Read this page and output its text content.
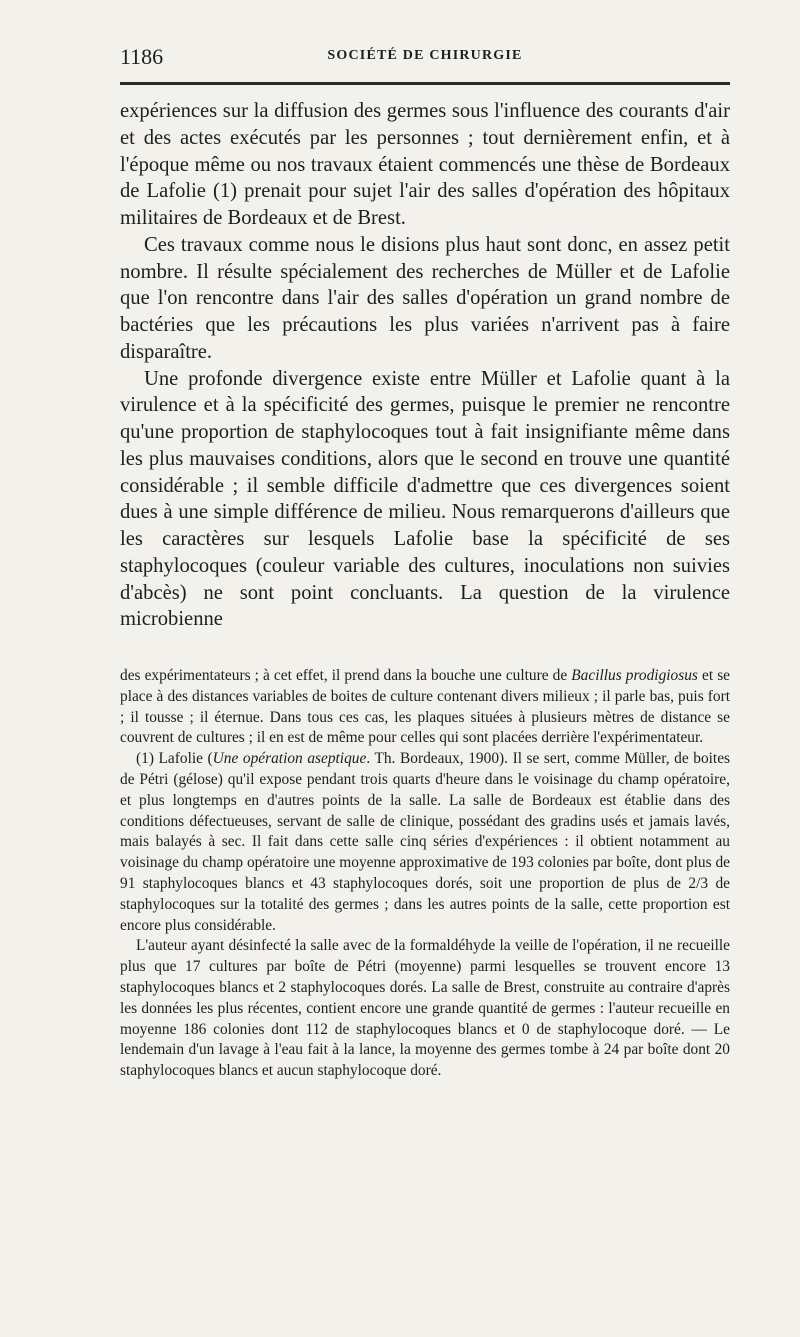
1186	SOCIÉTÉ DE CHIRURGIE

expériences sur la diffusion des germes sous l'influence des courants d'air et des actes exécutés par les personnes ; tout dernièrement enfin, et à l'époque même ou nos travaux étaient commencés une thèse de Bordeaux de Lafolie (1) prenait pour sujet l'air des salles d'opération des hôpitaux militaires de Bordeaux et de Brest.

Ces travaux comme nous le disions plus haut sont donc, en assez petit nombre. Il résulte spécialement des recherches de Müller et de Lafolie que l'on rencontre dans l'air des salles d'opération un grand nombre de bactéries que les précautions les plus variées n'arrivent pas à faire disparaître.

Une profonde divergence existe entre Müller et Lafolie quant à la virulence et à la spécificité des germes, puisque le premier ne rencontre qu'une proportion de staphylocoques tout à fait insignifiante même dans les plus mauvaises conditions, alors que le second en trouve une quantité considérable ; il semble difficile d'admettre que ces divergences soient dues à une simple différence de milieu. Nous remarquerons d'ailleurs que les caractères sur lesquels Lafolie base la spécificité de ses staphylocoques (couleur variable des cultures, inoculations non suivies d'abcès) ne sont point concluants. La question de la virulence microbienne

des expérimentateurs ; à cet effet, il prend dans la bouche une culture de Bacillus prodigiosus et se place à des distances variables de boites de culture contenant divers milieux ; il parle bas, puis fort ; il tousse ; il éternue. Dans tous ces cas, les plaques situées à plusieurs mètres de distance se couvrent de cultures ; il en est de même pour celles qui sont placées derrière l'expérimentateur.

(1) Lafolie (Une opération aseptique. Th. Bordeaux, 1900). Il se sert, comme Müller, de boites de Pétri (gélose) qu'il expose pendant trois quarts d'heure dans le voisinage du champ opératoire, et plus longtemps en d'autres points de la salle. La salle de Bordeaux est établie dans des conditions défectueuses, servant de salle de clinique, possédant des gradins usés et jamais lavés, mais balayés à sec. Il fait dans cette salle cinq séries d'expériences : il obtient notamment au voisinage du champ opératoire une moyenne approximative de 193 colonies par boîte, dont plus de 91 staphylocoques blancs et 43 staphylocoques dorés, soit une proportion de plus de 2/3 de staphylocoques sur la totalité des germes ; dans les autres points de la salle, cette proportion est encore plus considérable.

L'auteur ayant désinfecté la salle avec de la formaldéhyde la veille de l'opération, il ne recueille plus que 17 cultures par boîte de Pétri (moyenne) parmi lesquelles se trouvent encore 13 staphylocoques blancs et 2 staphylocoques dorés. La salle de Brest, construite au contraire d'après les données les plus récentes, contient encore une grande quantité de germes : l'auteur recueille en moyenne 186 colonies dont 112 de staphylocoques blancs et 0 de staphylocoque doré. — Le lendemain d'un lavage à l'eau fait à la lance, la moyenne des germes tombe à 24 par boîte dont 20 staphylocoques blancs et aucun staphylocoque doré.
